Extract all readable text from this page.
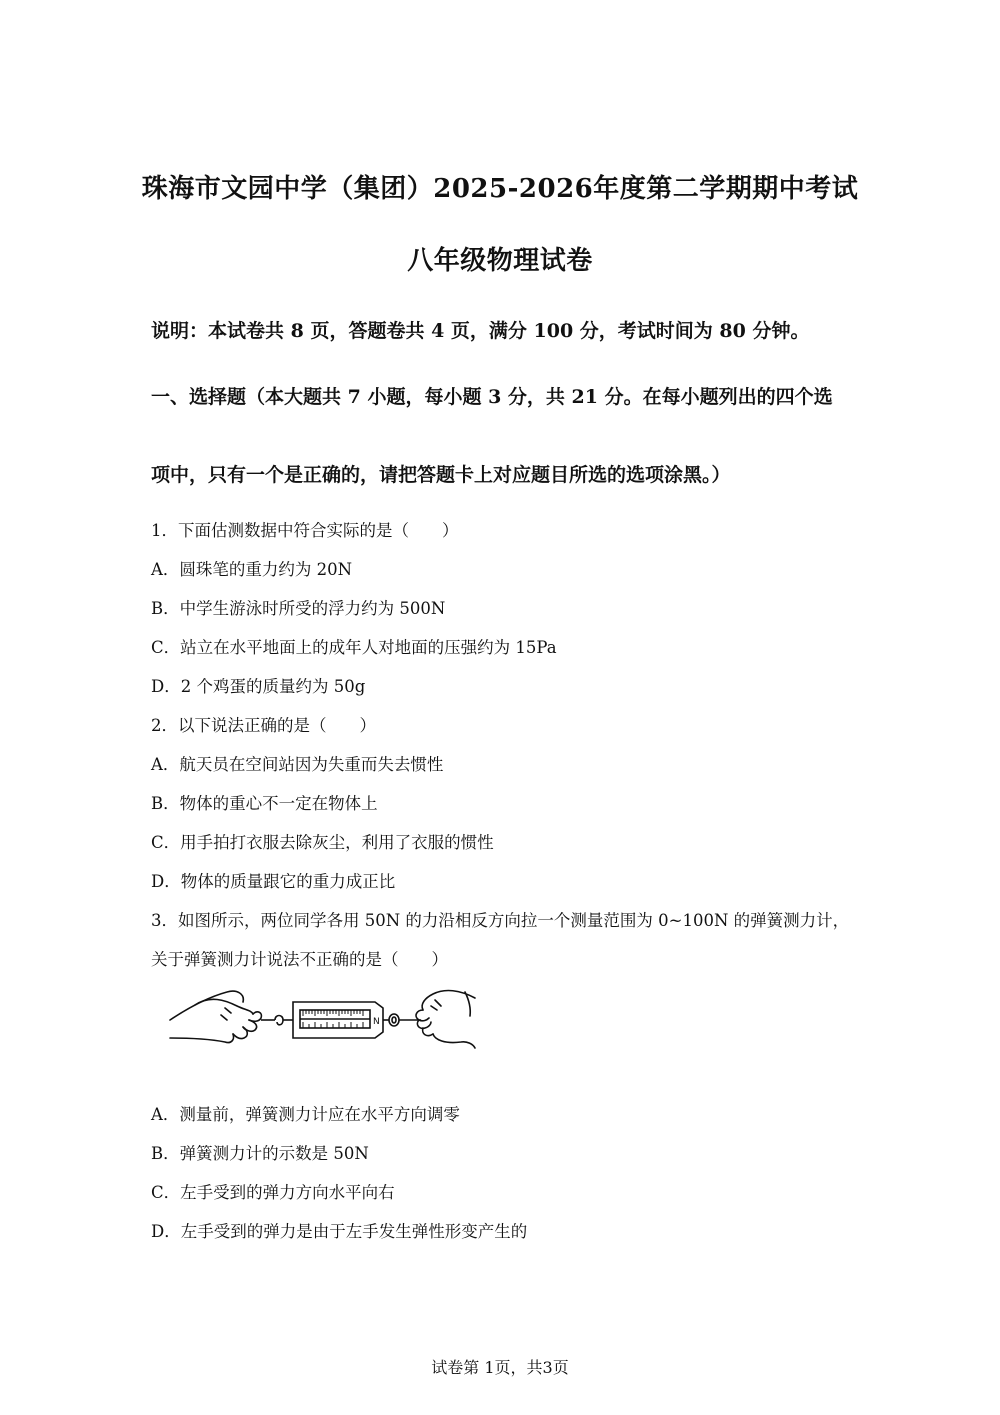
珠海市文园中学（集团）2025-2026年度第二学期期中考试
八年级物理试卷
说明：本试卷共 8 页，答题卷共 4 页，满分 100 分，考试时间为 80 分钟。
一、选择题（本大题共 7 小题，每小题 3 分，共 21 分。在每小题列出的四个选
项中，只有一个是正确的，请把答题卡上对应题目所选的选项涂黑。）
1．下面估测数据中符合实际的是（　　）
A．圆珠笔的重力约为 20N
B．中学生游泳时所受的浮力约为 500N
C．站立在水平地面上的成年人对地面的压强约为 15Pa
D．2 个鸡蛋的质量约为 50g
2．以下说法正确的是（　　）
A．航天员在空间站因为失重而失去惯性
B．物体的重心不一定在物体上
C．用手拍打衣服去除灰尘，利用了衣服的惯性
D．物体的质量跟它的重力成正比
3．如图所示，两位同学各用 50N 的力沿相反方向拉一个测量范围为 0~100N 的弹簧测力计，
关于弹簧测力计说法不正确的是（　　）
N
A．测量前，弹簧测力计应在水平方向调零
B．弹簧测力计的示数是 50N
C．左手受到的弹力方向水平向右
D．左手受到的弹力是由于左手发生弹性形变产生的
试卷第 1页，共3页
